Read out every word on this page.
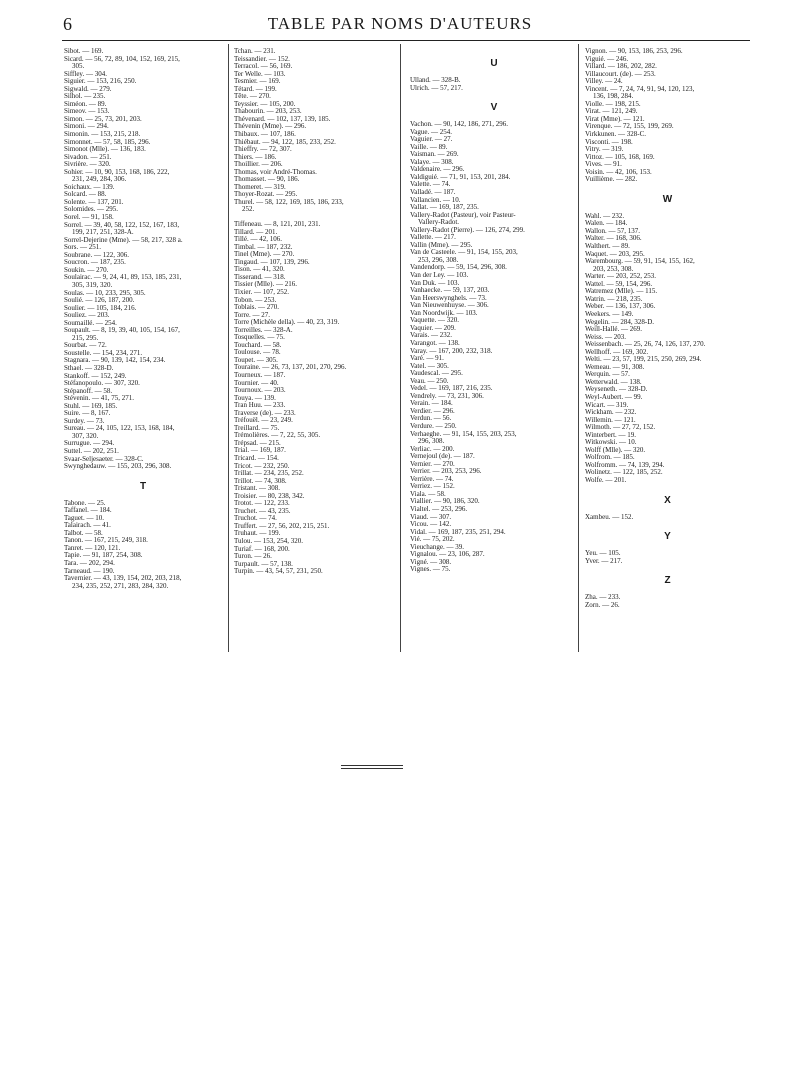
6	TABLE PAR NOMS D'AUTEURS
Sibot. — 169.
Sicard. — 56, 72, 89, 104, 152, 169, 215,
305.
Siffley. — 304.
Siguier. — 153, 216, 250.
Sigwald. — 279.
Silhol. — 235.
Siméon. — 89.
Simeov. — 153.
Simon. — 25, 73, 201, 203.
Simoni. — 294.
Simonin. — 153, 215, 218.
Simonnet. — 57, 58, 185, 296.
Simonot (Mlle). — 136, 183.
Sivadon. — 251.
Sivrière. — 320.
Sohier. — 10, 90, 153, 168, 186, 222,
231, 249, 284, 306.
Soichaux. — 139.
Solcard. — 88.
Solente. — 137, 201.
Solomides. — 295.
Sorel. — 91, 158.
Sorrel. — 39, 40, 58, 122, 152, 167, 183,
199, 217, 251, 328-A.
Sorrel-Dejerine (Mme). — 58, 217, 328 a.
Sors. — 251.
Soubrane. — 122, 306.
Soucron. — 187, 235.
Soukin. — 270.
Soulairac. — 9, 24, 41, 89, 153, 185, 231,
305, 319, 320.
Soulas. — 10, 233, 295, 305.
Soulié. — 126, 187, 200.
Soulier. — 105, 184, 216.
Souliez. — 203.
Soumaillé. — 254.
Soupault. — 8, 19, 39, 40, 105, 154, 167,
215, 295.
Sourbat. — 72.
Soustelle. — 154, 234, 271.
Stagnara. — 90, 139, 142, 154, 234.
Sthael. — 328-D.
Stankoff. — 152, 249.
Stéfanopoulo. — 307, 320.
Stépanoff. — 58.
Stévenin. — 41, 75, 271.
Stuhl. — 169, 185.
Suire. — 8, 167.
Surdey. — 73.
Sureau. — 24, 105, 122, 153, 168, 184,
307, 320.
Surrugue. — 294.
Suttel. — 202, 251.
Svaar-Seljesaeter. — 328-C.
Swynghedauw. — 155, 203, 296, 308.
T
Tabone. — 25.
Taffanel. — 184.
Taguet. — 10.
Talairach. — 41.
Talbot. — 58.
Tanon. — 167, 215, 249, 318.
Tanret. — 120, 121.
Tapie. — 91, 187, 254, 308.
Tara. — 202, 294.
Tarneaud. — 190.
Tavernier. — 43, 139, 154, 202, 203, 218,
234, 235, 252, 271, 283, 284, 320.
Tchan. — 231.
Teissandier. — 152.
Terracol. — 56, 169.
Ter Welle. — 103.
Tesmier. — 169.
Tétard. — 199.
Tête. — 270.
Teyssier. — 105, 200.
Thabourin. — 203, 253.
Thévenard. — 102, 137, 139, 185.
Thévenin (Mme). — 296.
Thibaux. — 107, 186.
Thiébaut. — 94, 122, 185, 233, 252.
Thieffry. — 72, 307.
Thiers. — 186.
Thoillier. — 206.
Thomas, voir André-Thomas.
Thomasset. — 90, 186.
Thomeret. — 319.
Thoyer-Rozat. — 295.
Thurel. — 58, 122, 169, 185, 186, 233,
252.
Tiffeneau. — 8, 121, 201, 231.
Tillard. — 201.
Tillé. — 42, 106.
Timbal. — 187, 232.
Tinel (Mme). — 270.
Tingaud. — 107, 139, 296.
Tison. — 41, 320.
Tisserand. — 318.
Tissier (Mlle). — 216.
Tixier. — 107, 252.
Tobon. — 253.
Toblais. — 270.
Torre. — 27.
Torre (Michèle della). — 40, 23, 319.
Torreilles. — 328-A.
Tosquelles. — 75.
Touchard. — 58.
Toulouse. — 78.
Toupet. — 305.
Touraine. — 26, 73, 137, 201, 270, 296.
Tourneux. — 187.
Tournier. — 40.
Tournoux. — 203.
Touya. — 139.
Tran Huu. — 233.
Traverse (de). — 233.
Tréfouël. — 23, 249.
Treillard. — 75.
Trémolières. — 7, 22, 55, 305.
Trépsad. — 215.
Trial. — 169, 187.
Tricard. — 154.
Tricot. — 232, 250.
Trillat. — 234, 235, 252.
Trillot. — 74, 308.
Tristant. — 308.
Troisier. — 80, 238, 342.
Trotot. — 122, 233.
Truchet. — 43, 235.
Truchot. — 74.
Truffert. — 27, 56, 202, 215, 251.
Truhaut. — 199.
Tulou. — 153, 254, 320.
Turiaf. — 168, 200.
Turon. — 26.
Turpault. — 57, 138.
Turpin. — 43, 54, 57, 231, 250.
U
Ulland. — 328-B.
Ulrich. — 57, 217.
V
Vachon. — 90, 142, 186, 271, 296.
Vague. — 254.
Vaguier. — 27.
Vaille. — 89.
Vaisman. — 269.
Valaye. — 308.
Valdenaire. — 296.
Valdiguié. — 71, 91, 153, 201, 284.
Valette. — 74.
Valladé. — 187.
Vallancien. — 10.
Vallat. — 169, 187, 235.
Vallery-Radot (Pasteur), voir Pasteur-
Vallery-Radot.
Vallery-Radot (Pierre). — 126, 274, 299.
Vallette. — 217.
Vallin (Mme). — 295.
Van de Casteele. — 91, 154, 155, 203,
253, 296, 308.
Vandendorp. — 59, 154, 296, 308.
Van der Ley. — 103.
Van Duk. — 103.
Vanhaecke. — 59, 137, 203.
Van Heerswynghels. — 73.
Van Nieuwenhuyse. — 306.
Van Noordwijk. — 103.
Vaquette. — 320.
Vaquier. — 209.
Varais. — 232.
Varangot. — 138.
Varay. — 167, 200, 232, 318.
Varé. — 91.
Vatel. — 305.
Vaudescal. — 295.
Veau. — 250.
Vedel. — 169, 187, 216, 235.
Vendrely. — 73, 231, 306.
Verain. — 184.
Verdier. — 296.
Verdun. — 56.
Verdure. — 250.
Verhaeghe. — 91, 154, 155, 203, 253,
296, 308.
Verliac. — 200.
Vernejoul (de). — 187.
Vernier. — 270.
Verrier. — 203, 253, 296.
Verrière. — 74.
Verriez. — 152.
Viala. — 58.
Viallier. — 90, 186, 320.
Vialtel. — 253, 296.
Viaud. — 307.
Vicou. — 142.
Vidal. — 169, 187, 235, 251, 294.
Vié. — 75, 202.
Vieuchange. — 39.
Vignalou. — 23, 106, 287.
Vigné. — 308.
Vignes. — 75.
Vignon. — 90, 153, 186, 253, 296.
Viguié. — 246.
Villard. — 186, 202, 282.
Villaucourt. (de). — 253.
Villey. — 24.
Vincent. — 7, 24, 74, 91, 94, 120, 123,
136, 198, 284.
Violle. — 198, 215.
Virat. — 121, 249.
Virat (Mme). — 121.
Virenque. — 72, 155, 199, 269.
Virkkunen. — 328-C.
Visconti. — 198.
Vitry. — 319.
Vittoz. — 105, 168, 169.
Vives. — 91.
Voisin. — 42, 106, 153.
Vuillième. — 282.
W
Wahl. — 232.
Walen. — 184.
Wallon. — 57, 137.
Walter. — 168, 306.
Walthert. — 89.
Waquet. — 203, 295.
Warembourg. — 59, 91, 154, 155, 162,
203, 253, 308.
Warter. — 203, 252, 253.
Wattel. — 59, 154, 296.
Watremez (Mlle). — 115.
Watrin. — 218, 235.
Weber. — 136, 137, 306.
Weekers. — 149.
Wegelin. — 284, 328-D.
Weill-Hallé. — 269.
Weiss. — 203.
Weissenbach. — 25, 26, 74, 126, 137, 270.
Wellhoff. — 169, 302.
Welti. — 23, 57, 199, 215, 250, 269, 294.
Wemeau. — 91, 308.
Werquin. — 57.
Wetterwald. — 138.
Weyseneth. — 328-D.
Weyl-Aubert. — 99.
Wicart. — 319.
Wickham. — 232.
Willemin. — 121.
Wilmoth. — 27, 72, 152.
Winterbert. — 19.
Witkowski. — 10.
Wolff (Mlle). — 320.
Wolfrom. — 185.
Wolfromm. — 74, 139, 294.
Wolinetz. — 122, 185, 252.
Wolfe. — 201.
X
Xambeu. — 152.
Y
Yeu. — 105.
Yver. — 217.
Z
Zha. — 233.
Zorn. — 26.
